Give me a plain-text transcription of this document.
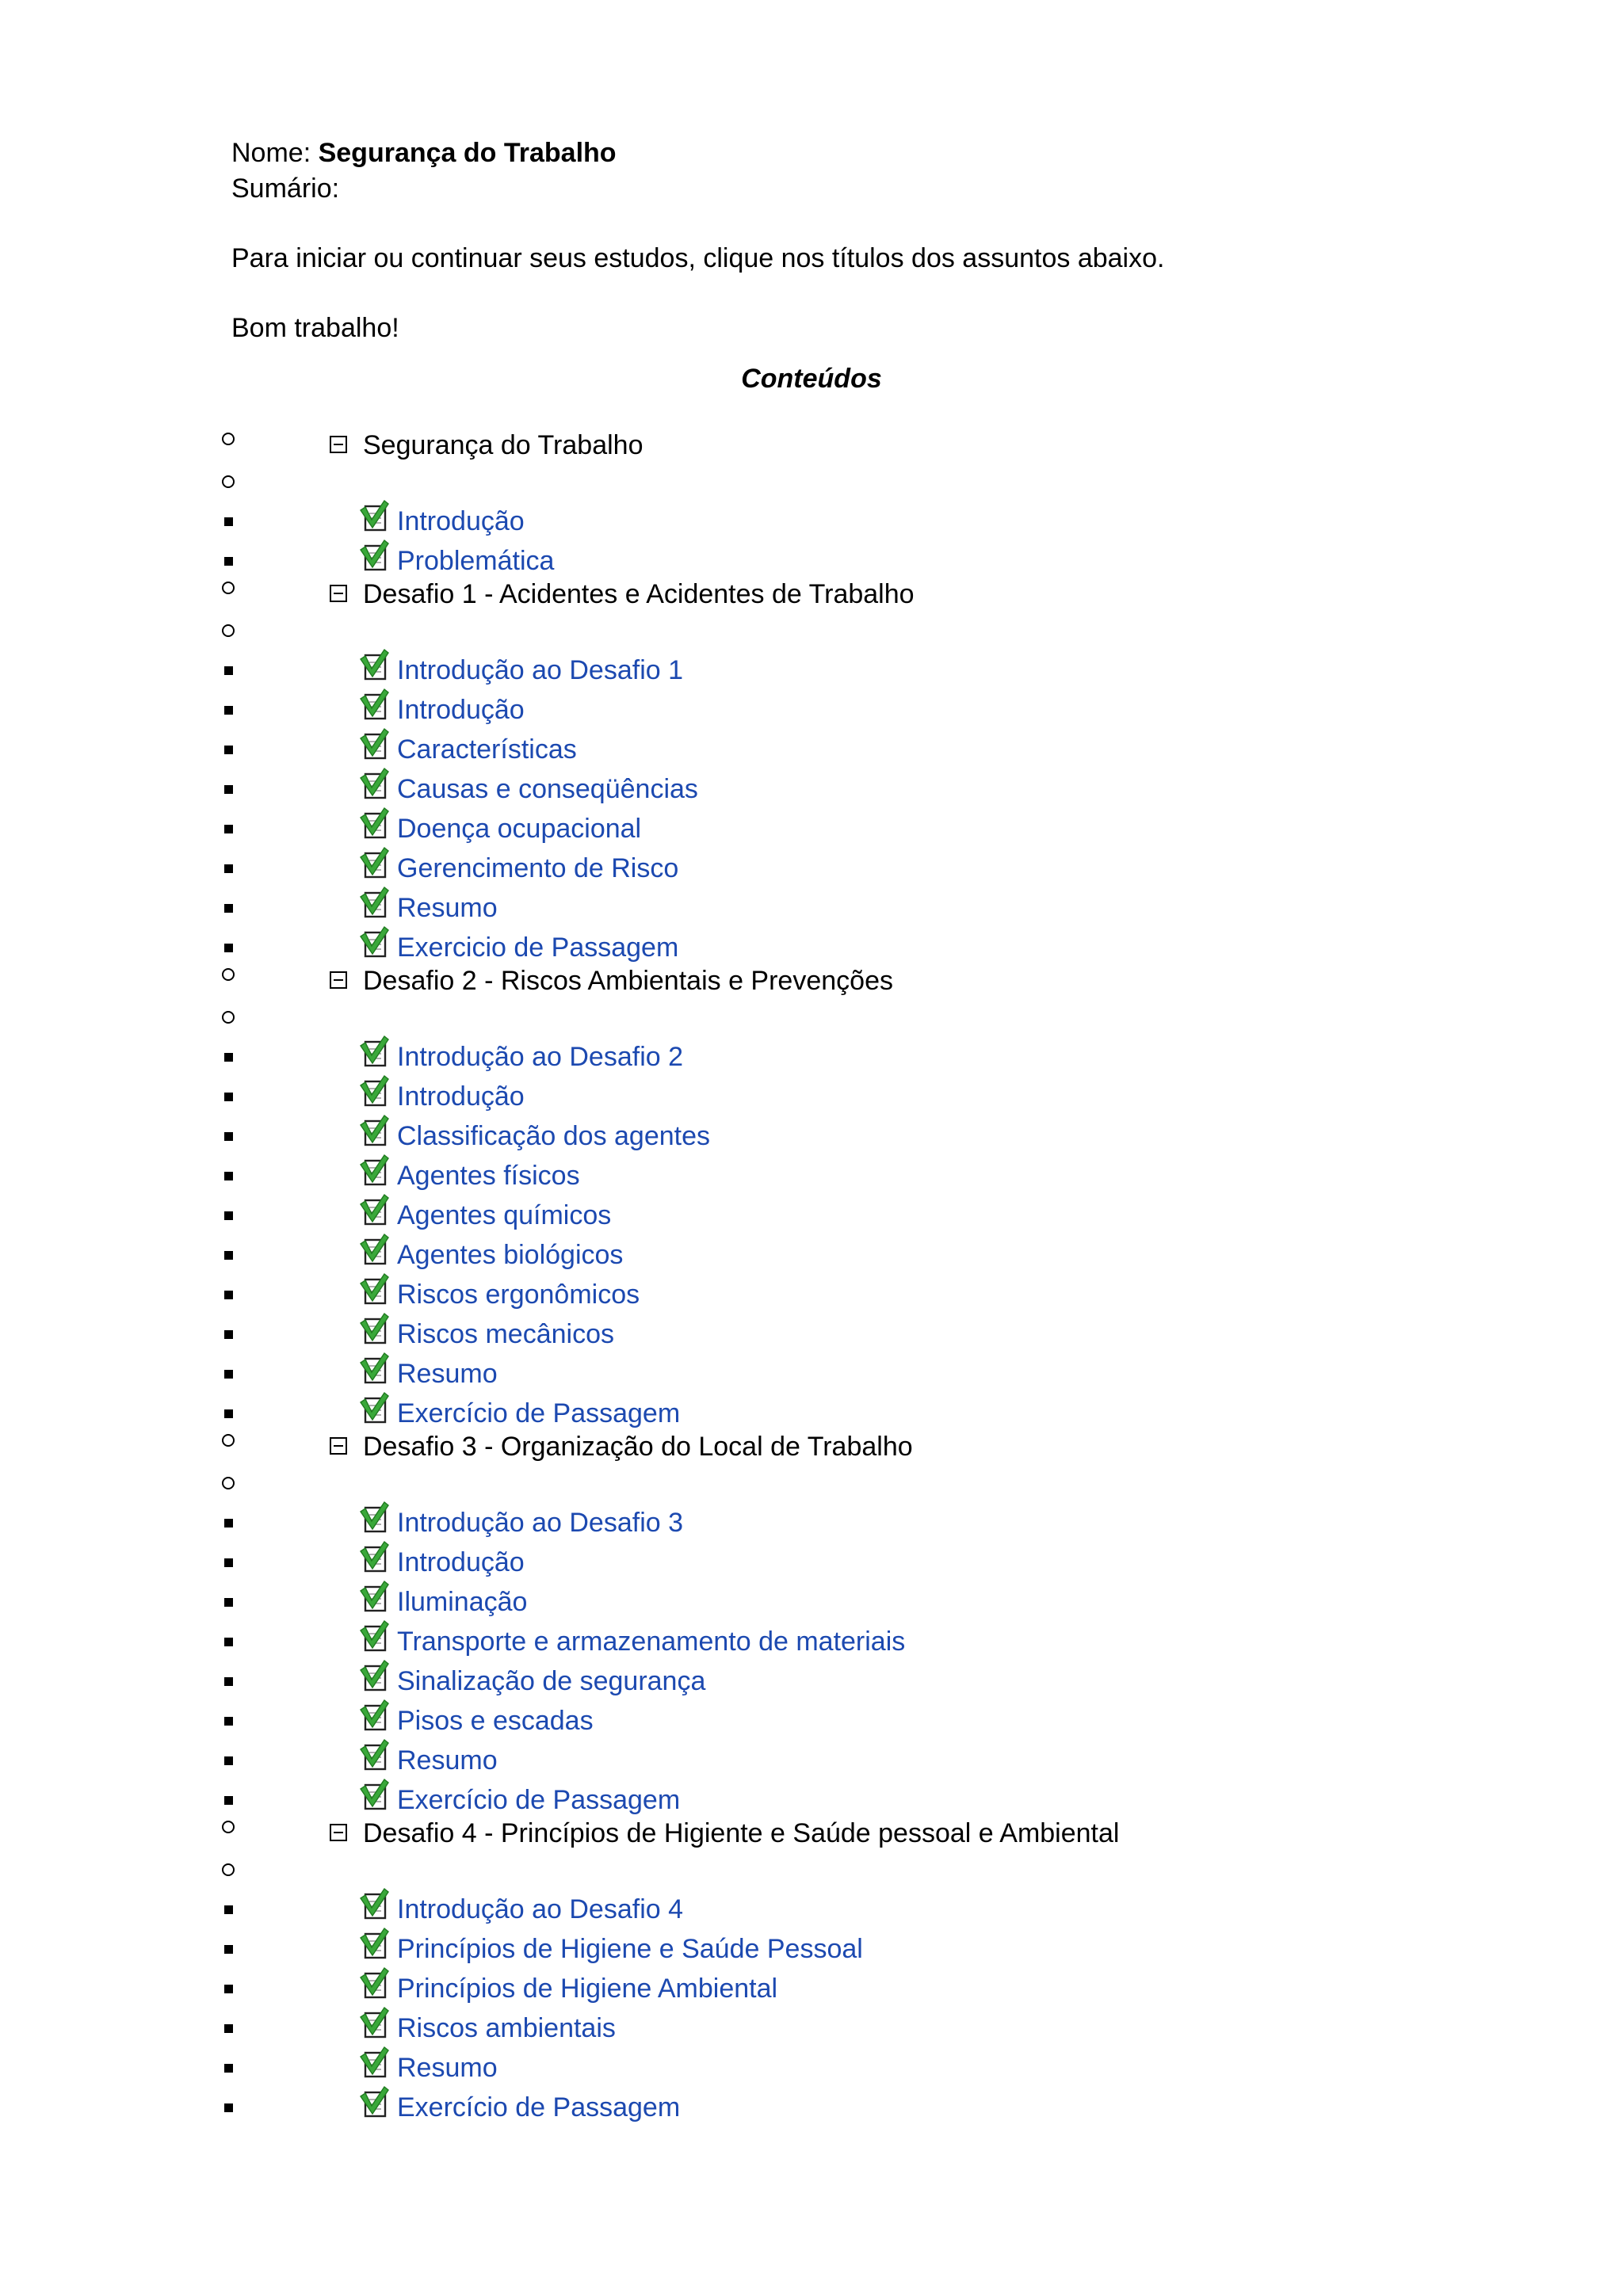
Nome: Segurança do Trabalho
Sumário:
Para iniciar ou continuar seus estudos, clique nos títulos dos assuntos abaixo.
Bom trabalho!
Conteúdos
Segurança do Trabalho
Introdução
Problemática
Desafio 1 - Acidentes e Acidentes de Trabalho
Introdução ao Desafio 1
Introdução
Características
Causas e conseqüências
Doença ocupacional
Gerencimento de Risco
Resumo
Exercicio de Passagem
Desafio 2 - Riscos Ambientais e Prevenções
Introdução ao Desafio 2
Introdução
Classificação dos agentes
Agentes físicos
Agentes químicos
Agentes biológicos
Riscos ergonômicos
Riscos mecânicos
Resumo
Exercício de Passagem
Desafio 3 - Organização do Local de Trabalho
Introdução ao Desafio 3
Introdução
Iluminação
Transporte e armazenamento de materiais
Sinalização de segurança
Pisos e escadas
Resumo
Exercício de Passagem
Desafio 4 - Princípios de Higiente e Saúde pessoal e Ambiental
Introdução ao Desafio 4
Princípios de Higiene e Saúde Pessoal
Princípios de Higiene Ambiental
Riscos ambientais
Resumo
Exercício de Passagem
